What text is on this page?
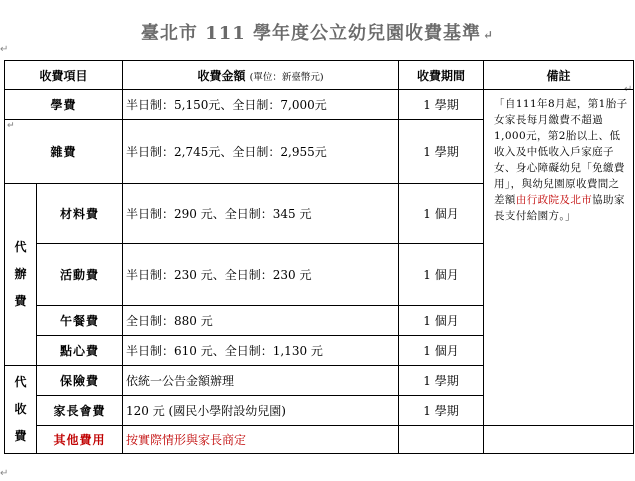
臺北市 111 學年度公立幼兒園收費基準 ↵
↵
↵
↵
收費項目		收費金額 (單位：新臺幣元)	收費期間	備註
學費		半日制：5,150元、全日制：7,000元	1 學期	「自111年8月起，第1胎子女家長每月繳費不超過1,000元，第2胎以上、低收入及中低收入戶家庭子女、身心障礙幼兒「免繳費用」，與幼兒園原收費間之差額由行政院及北市協助家長支付給園方。」

↵
雜費		半日制：2,745元、全日制：2,955元	1 學期	

代
辦
費	材料費	半日制：290 元、全日制：345 元	1 個月	
	活動費	半日制：230 元、全日制：230 元	1 個月	
	午餐費	全日制：880 元	1 個月	
	點心費	半日制：610 元、全日制：1,130 元	1 個月	

代
收
費	保險費	依統一公告金額辦理	1 學期	
	家長會費	120 元 (國民小學附設幼兒園)	1 學期	
	其他費用	按實際情形與家長商定		
